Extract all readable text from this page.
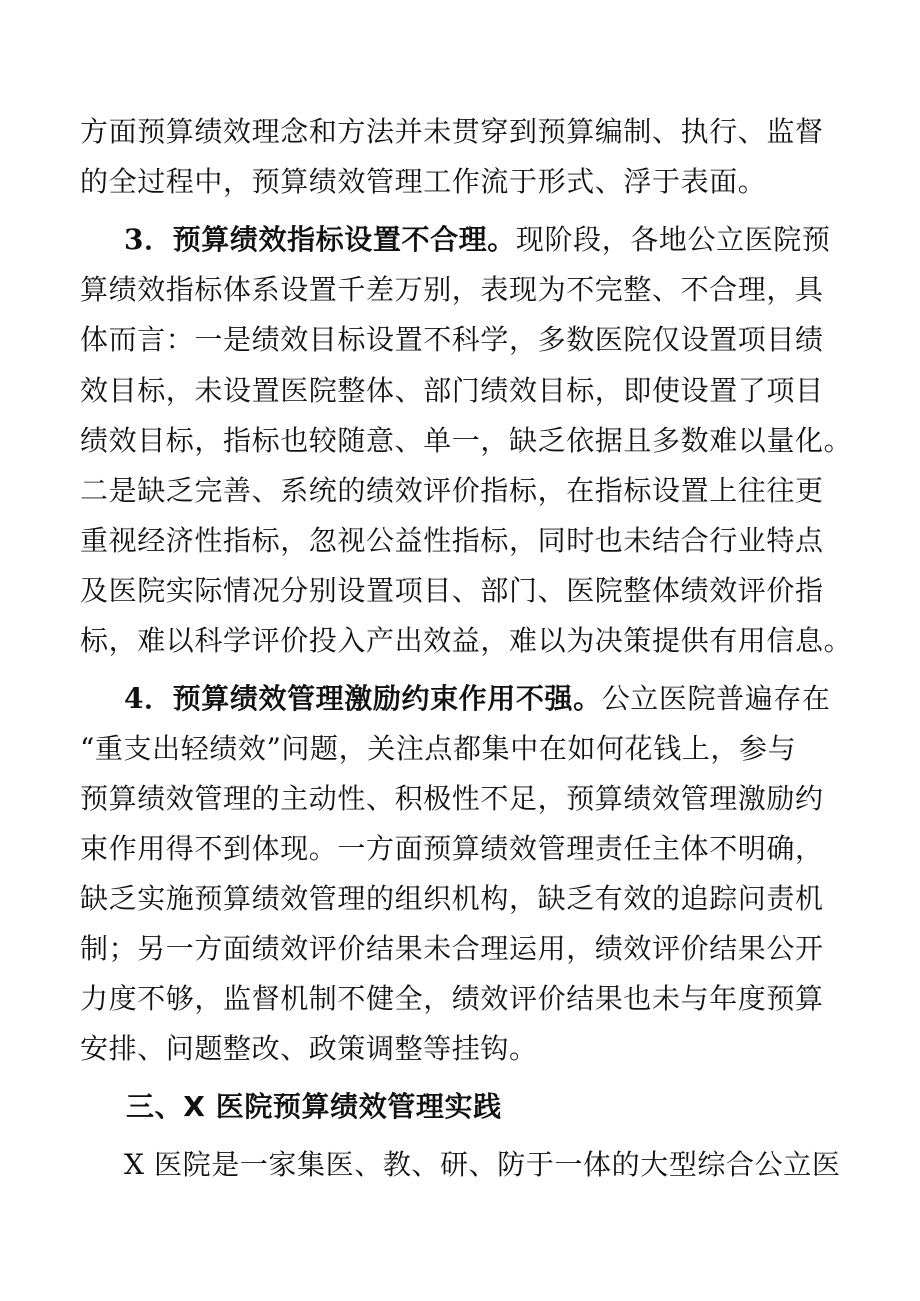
方面预算绩效理念和方法并未贯穿到预算编制、执行、监督
的全过程中，预算绩效管理工作流于形式、浮于表面。
3．预算绩效指标设置不合理。现阶段，各地公立医院预
算绩效指标体系设置千差万别，表现为不完整、不合理，具
体而言：一是绩效目标设置不科学，多数医院仅设置项目绩
效目标，未设置医院整体、部门绩效目标，即使设置了项目
绩效目标，指标也较随意、单一，缺乏依据且多数难以量化。
二是缺乏完善、系统的绩效评价指标，在指标设置上往往更
重视经济性指标，忽视公益性指标，同时也未结合行业特点
及医院实际情况分别设置项目、部门、医院整体绩效评价指
标，难以科学评价投入产出效益，难以为决策提供有用信息。
4．预算绩效管理激励约束作用不强。公立医院普遍存在
“重支出轻绩效”问题，关注点都集中在如何花钱上，参与
预算绩效管理的主动性、积极性不足，预算绩效管理激励约
束作用得不到体现。一方面预算绩效管理责任主体不明确，
缺乏实施预算绩效管理的组织机构，缺乏有效的追踪问责机
制；另一方面绩效评价结果未合理运用，绩效评价结果公开
力度不够，监督机制不健全，绩效评价结果也未与年度预算
安排、问题整改、政策调整等挂钩。
三、X 医院预算绩效管理实践
X 医院是一家集医、教、研、防于一体的大型综合公立医
